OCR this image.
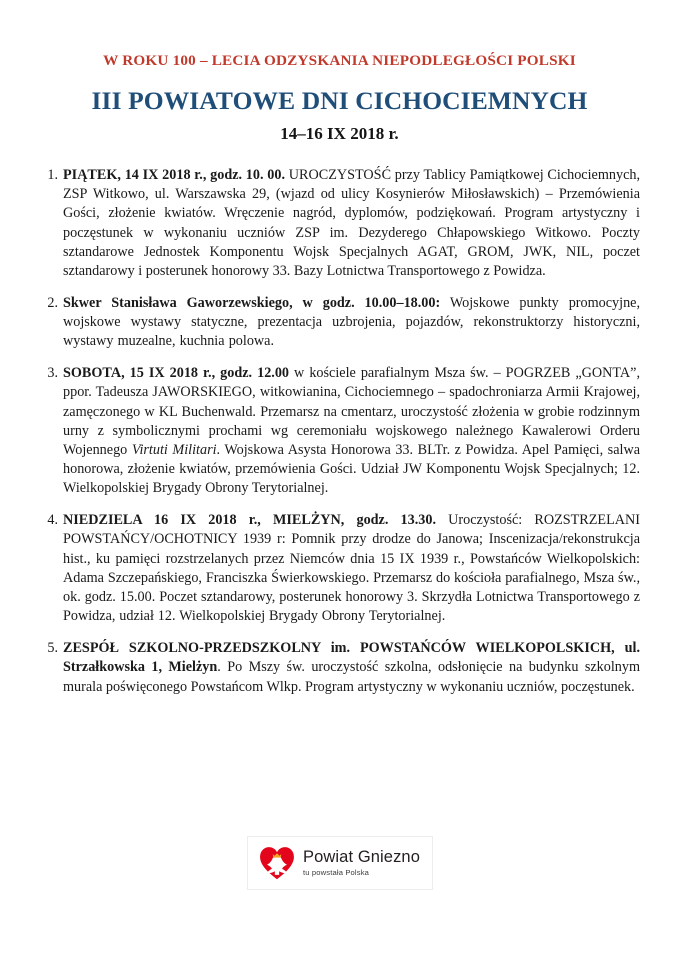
W ROKU 100 – LECIA ODZYSKANIA NIEPODLEGŁOŚCI POLSKI
III POWIATOWE DNI CICHOCIEMNYCH
14–16 IX 2018 r.
1. PIĄTEK, 14 IX 2018 r., godz. 10. 00. UROCZYSTOŚĆ przy Tablicy Pamiątkowej Cichociemnych, ZSP Witkowo, ul. Warszawska 29, (wjazd od ulicy Kosynierów Miłosławskich) – Przemówienia Gości, złożenie kwiatów. Wręczenie nagród, dyplomów, podziękowań. Program artystyczny i poczęstunek w wykonaniu uczniów ZSP im. Dezyderego Chłapowskiego Witkowo. Poczty sztandarowe Jednostek Komponentu Wojsk Specjalnych AGAT, GROM, JWK, NIL, poczet sztandarowy i posterunek honorowy 33. Bazy Lotnictwa Transportowego z Powidza.
2. Skwer Stanisława Gaworzewskiego, w godz. 10.00–18.00: Wojskowe punkty promocyjne, wojskowe wystawy statyczne, prezentacja uzbrojenia, pojazdów, rekonstruktorzy historyczni, wystawy muzealne, kuchnia polowa.
3. SOBOTA, 15 IX 2018 r., godz. 12.00 w kościele parafialnym Msza św. – POGRZEB „GONTA”, ppor. Tadeusza JAWORSKIEGO, witkowianina, Cichociemnego – spadochroniarza Armii Krajowej, zamęczonego w KL Buchenwald. Przemarsz na cmentarz, uroczystość złożenia w grobie rodzinnym urny z symbolicznymi prochami wg ceremoniału wojskowego należnego Kawalerowi Orderu Wojennego Virtuti Militari. Wojskowa Asysta Honorowa 33. BLTr. z Powidza. Apel Pamięci, salwa honorowa, złożenie kwiatów, przemówienia Gości. Udział JW Komponentu Wojsk Specjalnych; 12. Wielkopolskiej Brygady Obrony Terytorialnej.
4. NIEDZIELA 16 IX 2018 r., MIELŻYN, godz. 13.30. Uroczystość: ROZSTRZELANI POWSTAŃCY/OCHOTNICY 1939 r: Pomnik przy drodze do Janowa; Inscenizacja/rekonstrukcja hist., ku pamięci rozstrzelanych przez Niemców dnia 15 IX 1939 r., Powstańców Wielkopolskich: Adama Szczepańskiego, Franciszka Świerkowskiego. Przemarsz do kościoła parafialnego, Msza św., ok. godz. 15.00. Poczet sztandarowy, posterunek honorowy 3. Skrzydła Lotnictwa Transportowego z Powidza, udział 12. Wielkopolskiej Brygady Obrony Terytorialnej.
5. ZESPÓŁ SZKOLNO-PRZEDSZKOLNY im. POWSTAŃCÓW WIELKOPOLSKICH, ul. Strzałkowska 1, Mielżyn. Po Mszy św. uroczystość szkolna, odsłonięcie na budynku szkolnym murala poświęconego Powstańcom Wlkp. Program artystyczny w wykonaniu uczniów, poczęstunek.
Powiat Gniezno
tu powstała Polska
